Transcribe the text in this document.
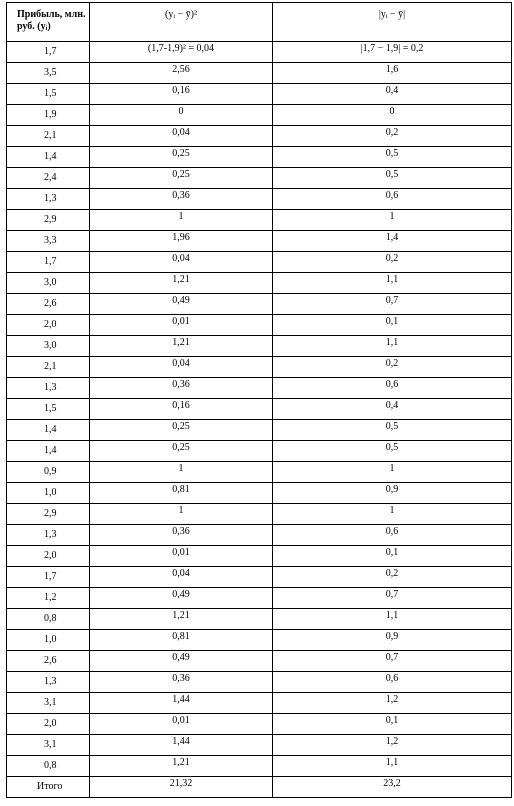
Прибыль, млн. руб. (yᵢ)	(yᵢ − ȳ)²	|yᵢ − ȳ|
1,7	(1,7-1,9)² = 0,04	|1,7 − 1,9| = 0,2
3,5	2,56	1,6
1,5	0,16	0,4
1,9	0	0
2,1	0,04	0,2
1,4	0,25	0,5
2,4	0,25	0,5
1,3	0,36	0,6
2,9	1	1
3,3	1,96	1,4
1,7	0,04	0,2
3,0	1,21	1,1
2,6	0,49	0,7
2,0	0,01	0,1
3,0	1,21	1,1
2,1	0,04	0,2
1,3	0,36	0,6
1,5	0,16	0,4
1,4	0,25	0,5
1,4	0,25	0,5
0,9	1	1
1,0	0,81	0,9
2,9	1	1
1,3	0,36	0,6
2,0	0,01	0,1
1,7	0,04	0,2
1,2	0,49	0,7
0,8	1,21	1,1
1,0	0,81	0,9
2,6	0,49	0,7
1,3	0,36	0,6
3,1	1,44	1,2
2,0	0,01	0,1
3,1	1,44	1,2
0,8	1,21	1,1
Итого	21,32	23,2
